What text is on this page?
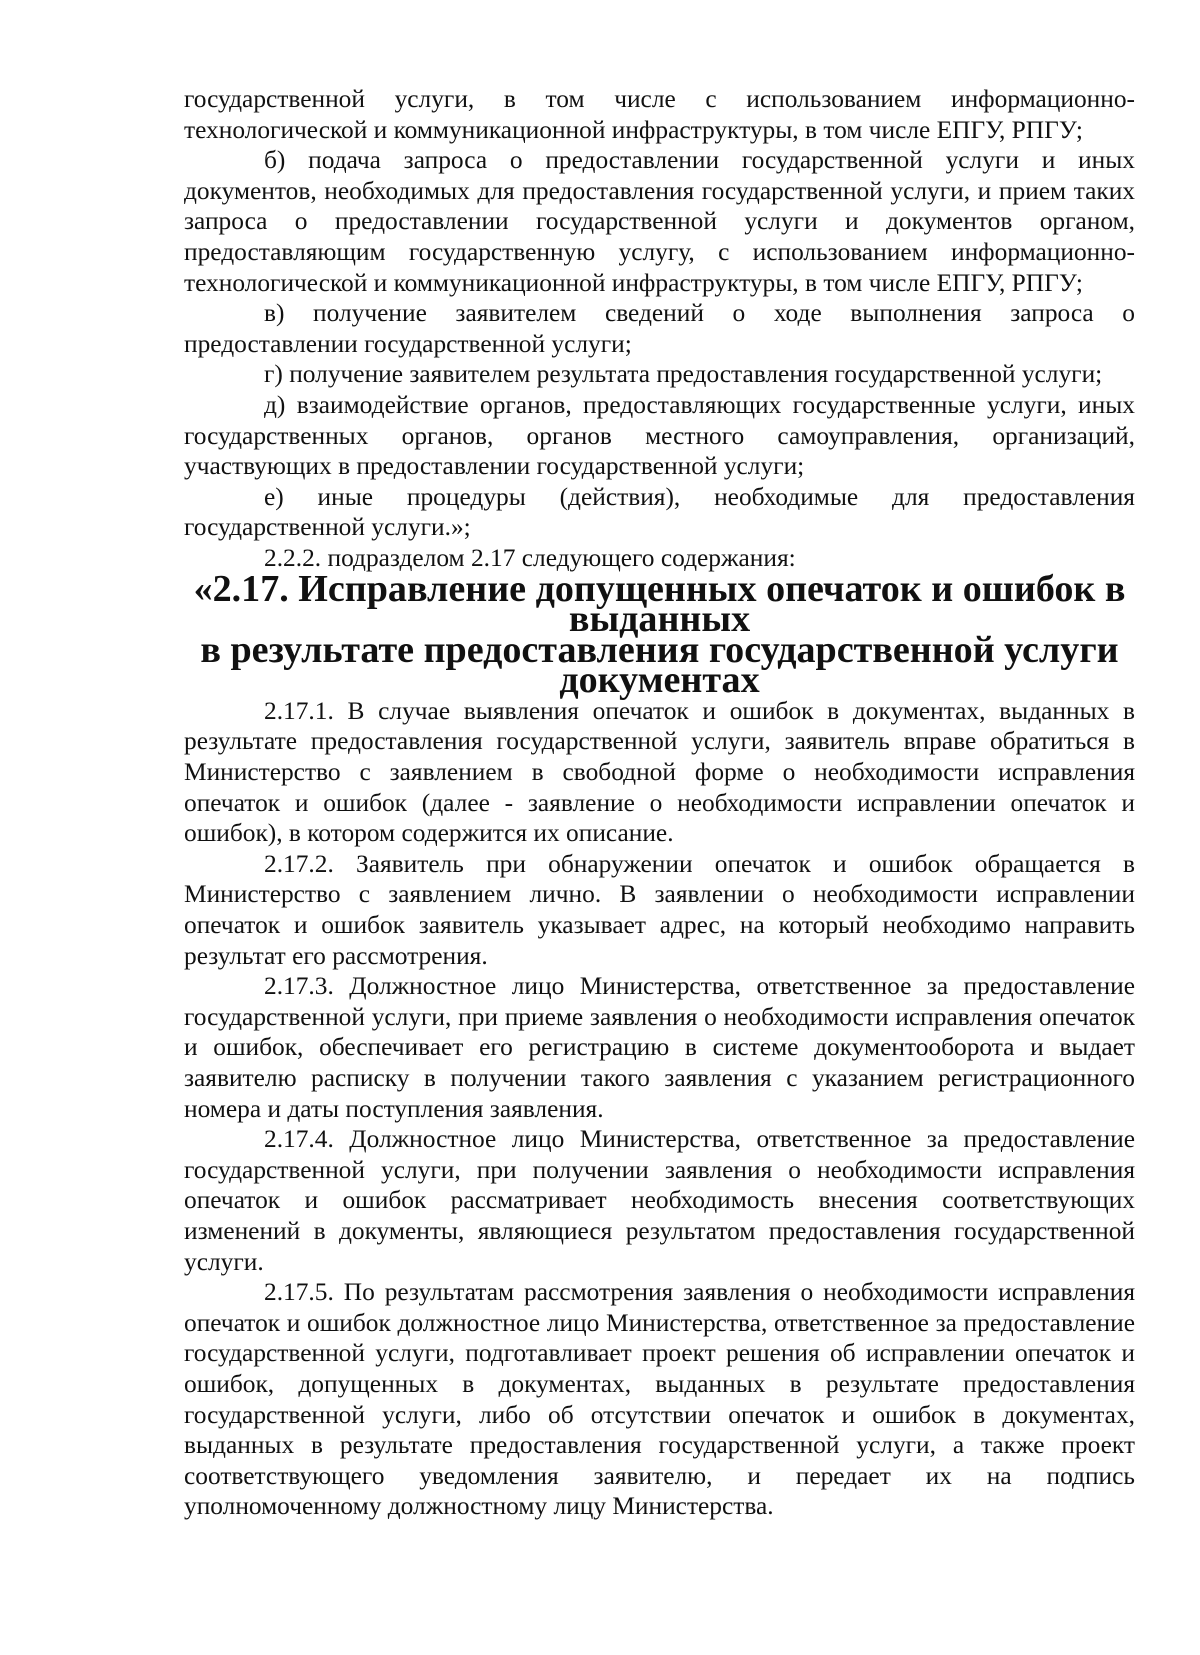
государственной услуги, в том числе с использованием информационно-технологической и коммуникационной инфраструктуры, в том числе ЕПГУ, РПГУ;

б) подача запроса о предоставлении государственной услуги и иных документов, необходимых для предоставления государственной услуги, и прием таких запроса о предоставлении государственной услуги и документов органом, предоставляющим государственную услугу, с использованием информационно-технологической и коммуникационной инфраструктуры, в том числе ЕПГУ, РПГУ;

в) получение заявителем сведений о ходе выполнения запроса о предоставлении государственной услуги;

г) получение заявителем результата предоставления государственной услуги;

д) взаимодействие органов, предоставляющих государственные услуги, иных государственных органов, органов местного самоуправления, организаций, участвующих в предоставлении государственной услуги;

е) иные процедуры (действия), необходимые для предоставления государственной услуги.»;

2.2.2. подразделом 2.17 следующего содержания:

«2.17. Исправление допущенных опечаток и ошибок в выданных
в результате предоставления государственной услуги документах

2.17.1. В случае выявления опечаток и ошибок в документах, выданных в результате предоставления государственной услуги, заявитель вправе обратиться в Министерство с заявлением в свободной форме о необходимости исправления опечаток и ошибок (далее - заявление о необходимости исправлении опечаток и ошибок), в котором содержится их описание.

2.17.2. Заявитель при обнаружении опечаток и ошибок обращается в Министерство с заявлением лично. В заявлении о необходимости исправлении опечаток и ошибок заявитель указывает адрес, на который необходимо направить результат его рассмотрения.

2.17.3. Должностное лицо Министерства, ответственное за предоставление государственной услуги, при приеме заявления о необходимости исправления опечаток и ошибок, обеспечивает его регистрацию в системе документооборота и выдает заявителю расписку в получении такого заявления с указанием регистрационного номера и даты поступления заявления.

2.17.4. Должностное лицо Министерства, ответственное за предоставление государственной услуги, при получении заявления о необходимости исправления опечаток и ошибок рассматривает необходимость внесения соответствующих изменений в документы, являющиеся результатом предоставления государственной услуги.

2.17.5. По результатам рассмотрения заявления о необходимости исправления опечаток и ошибок должностное лицо Министерства, ответственное за предоставление государственной услуги, подготавливает проект решения об исправлении опечаток и ошибок, допущенных в документах, выданных в результате предоставления государственной услуги, либо об отсутствии опечаток и ошибок в документах, выданных в результате предоставления государственной услуги, а также проект соответствующего уведомления заявителю, и передает их на подпись уполномоченному должностному лицу Министерства.
